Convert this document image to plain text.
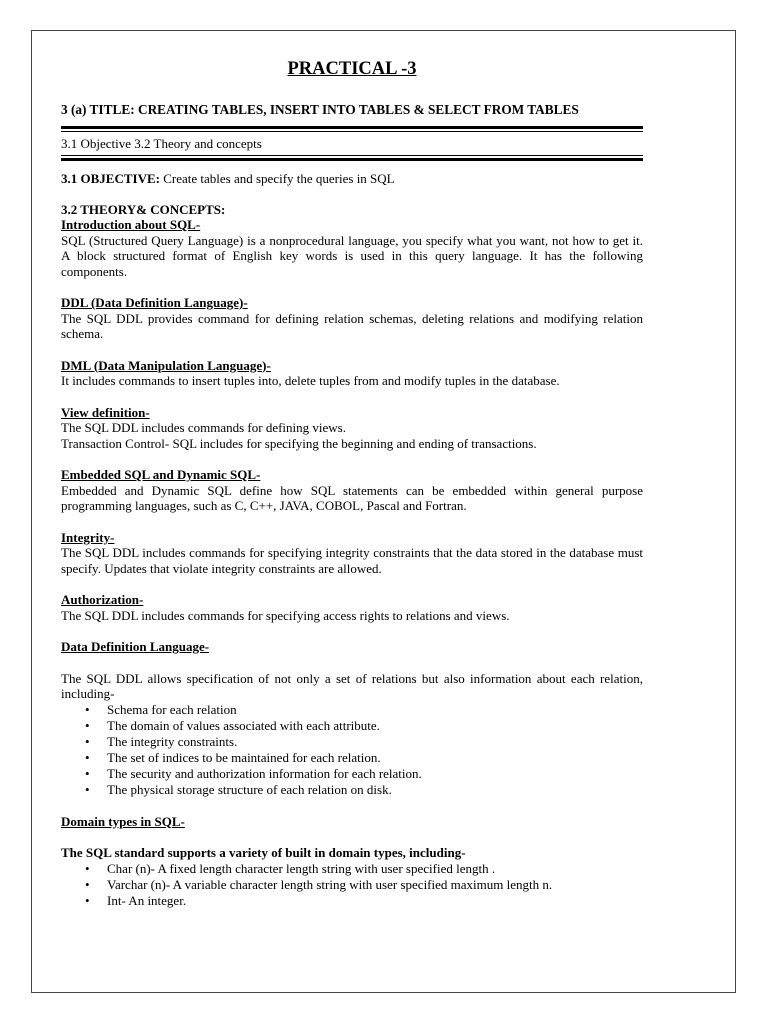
PRACTICAL -3
3 (a) TITLE: CREATING TABLES, INSERT INTO TABLES & SELECT FROM TABLES
3.1 Objective 3.2 Theory and concepts

3.1 OBJECTIVE: Create tables and specify the queries in SQL

3.2 THEORY& CONCEPTS:
Introduction about SQL-

SQL (Structured Query Language) is a nonprocedural language, you specify what you want, not how to get it. A block structured format of English key words is used in this query language. It has the following components.

DDL (Data Definition Language)-

The SQL DDL provides command for defining relation schemas, deleting relations and modifying relation schema.

DML (Data Manipulation Language)-

It includes commands to insert tuples into, delete tuples from and modify tuples in the database.

View definition-

The SQL DDL includes commands for defining views.

Transaction Control- SQL includes for specifying the beginning and ending of transactions.

Embedded SQL and Dynamic SQL-

Embedded and Dynamic SQL define how SQL statements can be embedded within general purpose programming languages, such as C, C++, JAVA, COBOL, Pascal and Fortran.

Integrity-

The SQL DDL includes commands for specifying integrity constraints that the data stored in the database must specify. Updates that violate integrity constraints are allowed.

Authorization-

The SQL DDL includes commands for specifying access rights to relations and views.

Data Definition Language-

The SQL DDL allows specification of not only a set of relations but also information about each relation, including-

• Schema for each relation
• The domain of values associated with each attribute.
• The integrity constraints.
• The set of indices to be maintained for each relation.
• The security and authorization information for each relation.
• The physical storage structure of each relation on disk.
Domain types in SQL-
The SQL standard supports a variety of built in domain types, including-
• Char (n)- A fixed length character length string with user specified length .
• Varchar (n)- A variable character length string with user specified maximum length n.
• Int- An integer.
